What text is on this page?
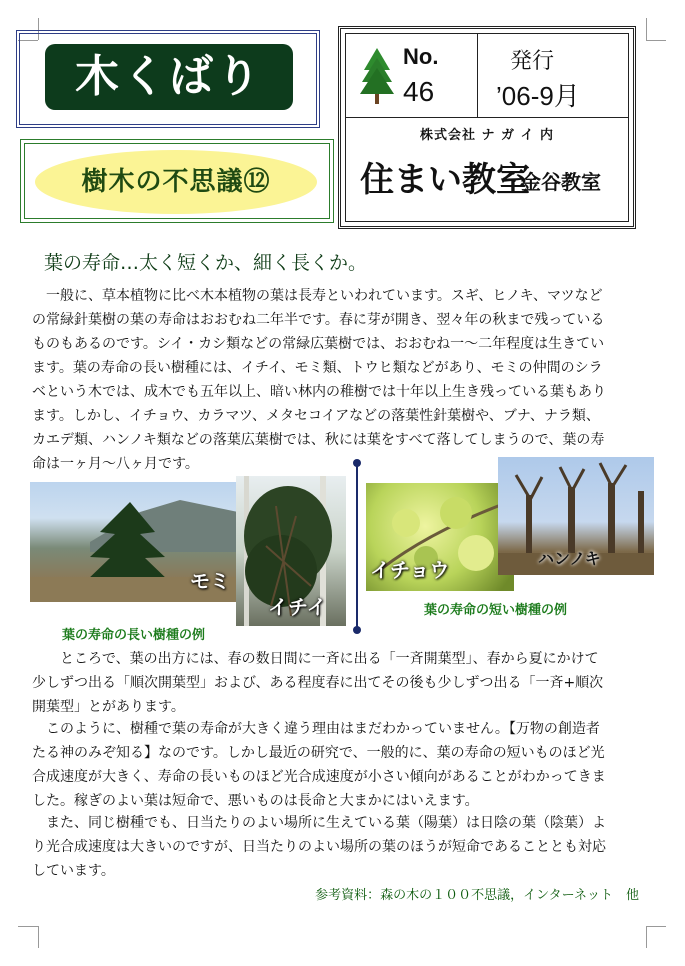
木くばり
樹木の不思議⑫
No.
46
発行
’06-9月
株式会社 ナ ガ イ 内
住まい教室
金谷教室
葉の寿命…太く短くか、細く長くか。

　一般に、草本植物に比べ木本植物の葉は長寿といわれています。スギ、ヒノキ、マツなど

の常緑針葉樹の葉の寿命はおおむね二年半です。春に芽が開き、翌々年の秋まで残っている

ものもあるのです。シイ・カシ類などの常緑広葉樹では、おおむね一～二年程度は生きてい

ます。葉の寿命の長い樹種には、イチイ、モミ類、トウヒ類などがあり、モミの仲間のシラ

ベという木では、成木でも五年以上、暗い林内の稚樹では十年以上生き残っている葉もあり

ます。しかし、イチョウ、カラマツ、メタセコイアなどの落葉性針葉樹や、ブナ、ナラ類、

カエデ類、ハンノキ類などの落葉広葉樹では、秋には葉をすべて落してしまうので、葉の寿

命は一ヶ月～八ヶ月です。

モミ
イチイ
イチョウ	ハンノキ
葉の寿命の長い樹種の例
葉の寿命の短い樹種の例

　　ところで、葉の出方には、春の数日間に一斉に出る「一斉開葉型」、春から夏にかけて

少しずつ出る「順次開葉型」および、ある程度春に出てその後も少しずつ出る「一斉+順次

開葉型」とがあります。

　このように、樹種で葉の寿命が大きく違う理由はまだわかっていません。【万物の創造者

たる神のみぞ知る】なのです。しかし最近の研究で、一般的に、葉の寿命の短いものほど光

合成速度が大きく、寿命の長いものほど光合成速度が小さい傾向があることがわかってきま

した。稼ぎのよい葉は短命で、悪いものは長命と大まかにはいえます。

　また、同じ樹種でも、日当たりのよい場所に生えている葉（陽葉）は日陰の葉（陰葉）よ

り光合成速度は大きいのですが、日当たりのよい場所の葉のほうが短命であることとも対応

しています。

参考資料：森の木の１００不思議，インターネット　他
